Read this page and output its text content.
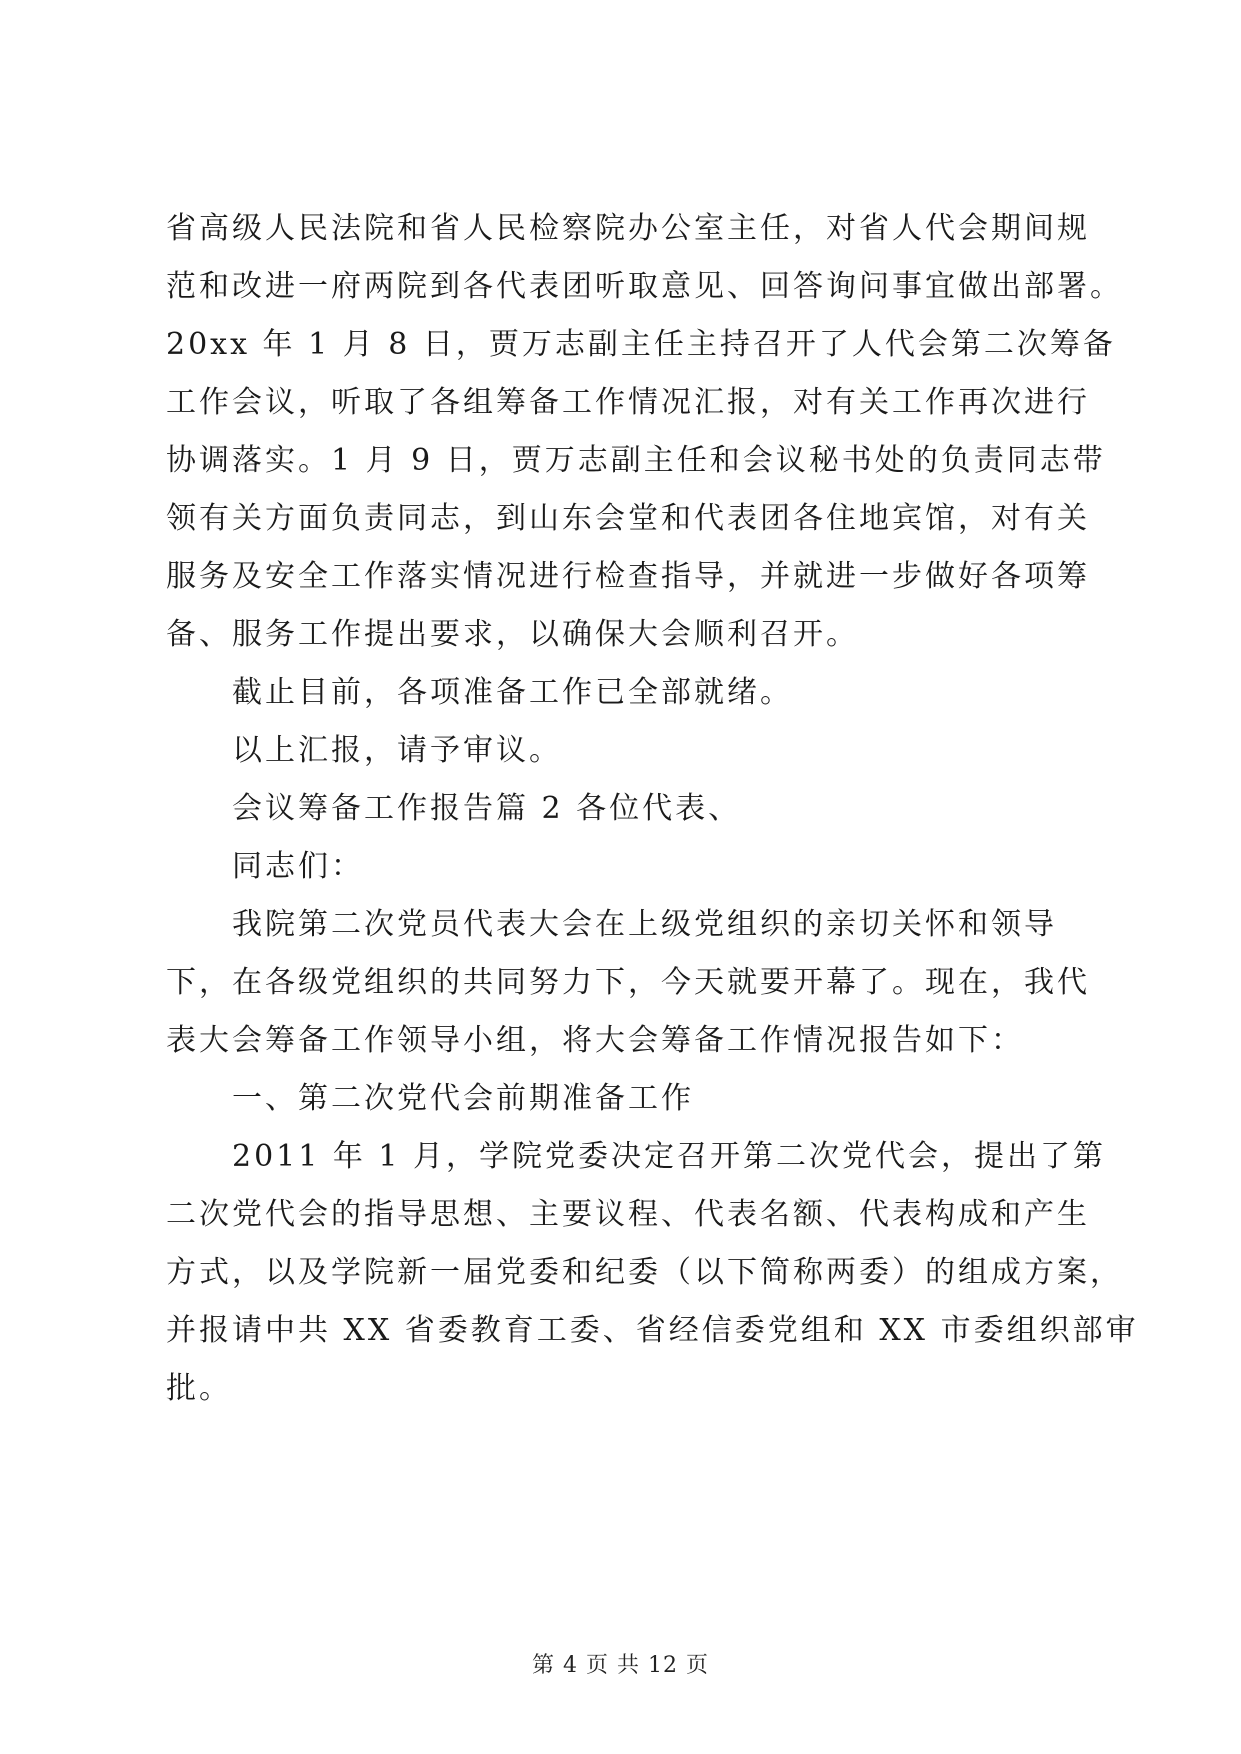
省高级人民法院和省人民检察院办公室主任，对省人代会期间规
范和改进一府两院到各代表团听取意见、回答询问事宜做出部署。
20xx 年 1 月 8 日，贾万志副主任主持召开了人代会第二次筹备
工作会议，听取了各组筹备工作情况汇报，对有关工作再次进行
协调落实。1 月 9 日，贾万志副主任和会议秘书处的负责同志带
领有关方面负责同志，到山东会堂和代表团各住地宾馆，对有关
服务及安全工作落实情况进行检查指导，并就进一步做好各项筹
备、服务工作提出要求，以确保大会顺利召开。
截止目前，各项准备工作已全部就绪。
以上汇报，请予审议。
会议筹备工作报告篇 2 各位代表、
同志们：
我院第二次党员代表大会在上级党组织的亲切关怀和领导
下，在各级党组织的共同努力下，今天就要开幕了。现在，我代
表大会筹备工作领导小组，将大会筹备工作情况报告如下：
一、第二次党代会前期准备工作
2011 年 1 月，学院党委决定召开第二次党代会，提出了第
二次党代会的指导思想、主要议程、代表名额、代表构成和产生
方式，以及学院新一届党委和纪委（以下简称两委）的组成方案，
并报请中共 XX 省委教育工委、省经信委党组和 XX 市委组织部审
批。
第 4 页 共 12 页
